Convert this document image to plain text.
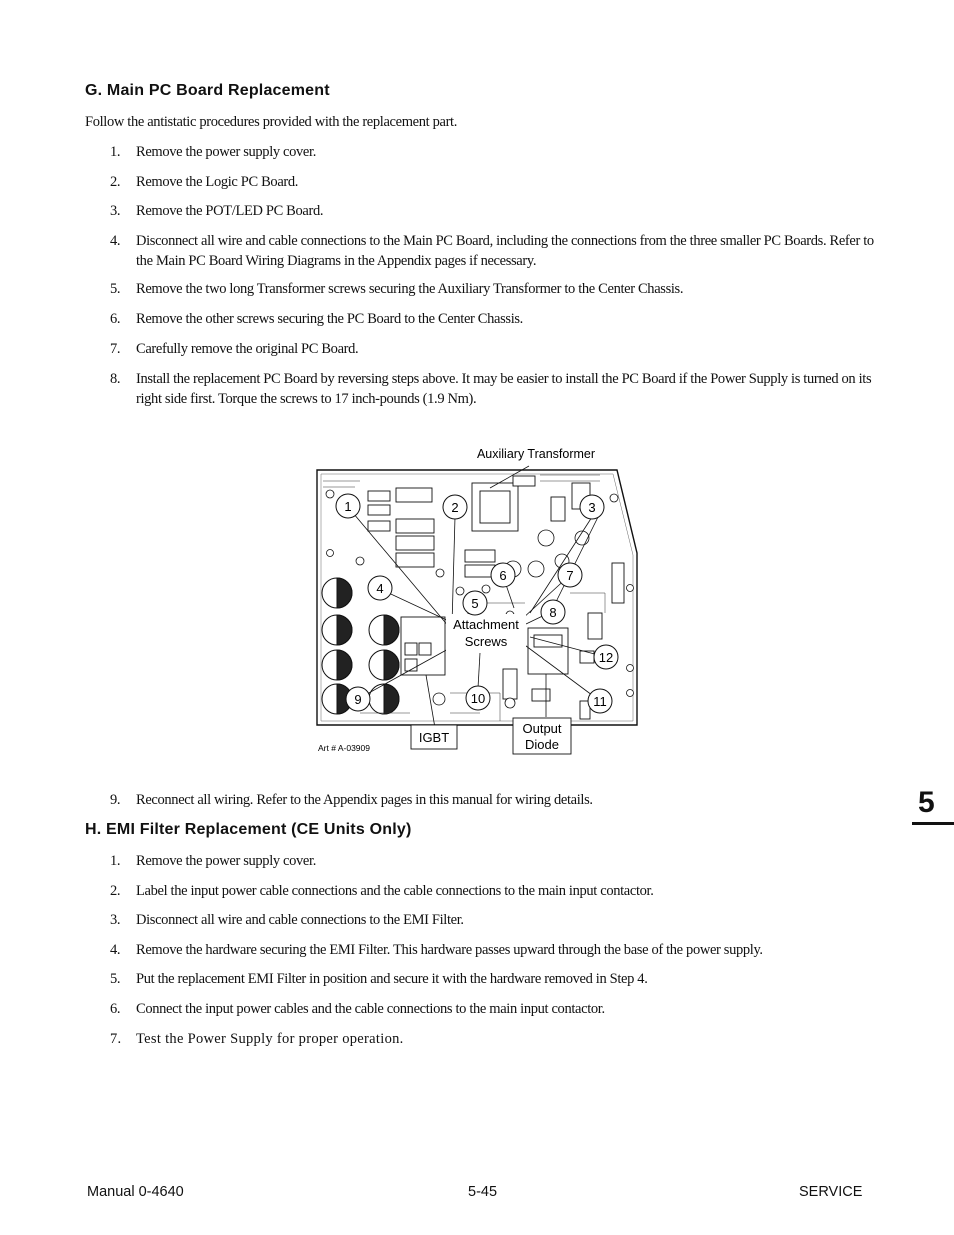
G. Main PC Board Replacement
Follow the antistatic procedures provided with the replacement part.
1. Remove the power supply cover.
2. Remove the Logic PC Board.
3. Remove the POT/LED PC Board.
4. Disconnect all wire and cable connections to the Main PC Board, including the connections from the three smaller PC Boards. Refer to the Main PC Board Wiring Diagrams in the Appendix pages if necessary.
5. Remove the two long Transformer screws securing the Auxiliary Transformer to the Center Chassis.
6. Remove the other screws securing the PC Board to the Center Chassis.
7. Carefully remove the original PC Board.
8. Install the replacement PC Board by reversing steps above. It may be easier to install the PC Board if the Power Supply is turned on its right side first. Torque the screws to 17 inch-pounds (1.9 Nm).
Attachment
Screws
Auxiliary Transformer
1	2	3
4
5
6	7
8
9	10	11
12
IGBT
Output
Diode
Art # A-03909
9. Reconnect all wiring. Refer to the Appendix pages in this manual for wiring details.
H. EMI Filter Replacement (CE Units Only)
1. Remove the power supply cover.
2. Label the input power cable connections and the cable connections to the main input contactor.
3. Disconnect all wire and cable connections to the EMI Filter.
4. Remove the hardware securing the EMI Filter. This hardware passes upward through the base of the power supply.
5. Put the replacement EMI Filter in position and secure it with the hardware removed in Step 4.
6. Connect the input power cables and the cable connections to the main input contactor.
7. Test the Power Supply for proper operation.
5
Manual 0-4640	5-45	SERVICE
